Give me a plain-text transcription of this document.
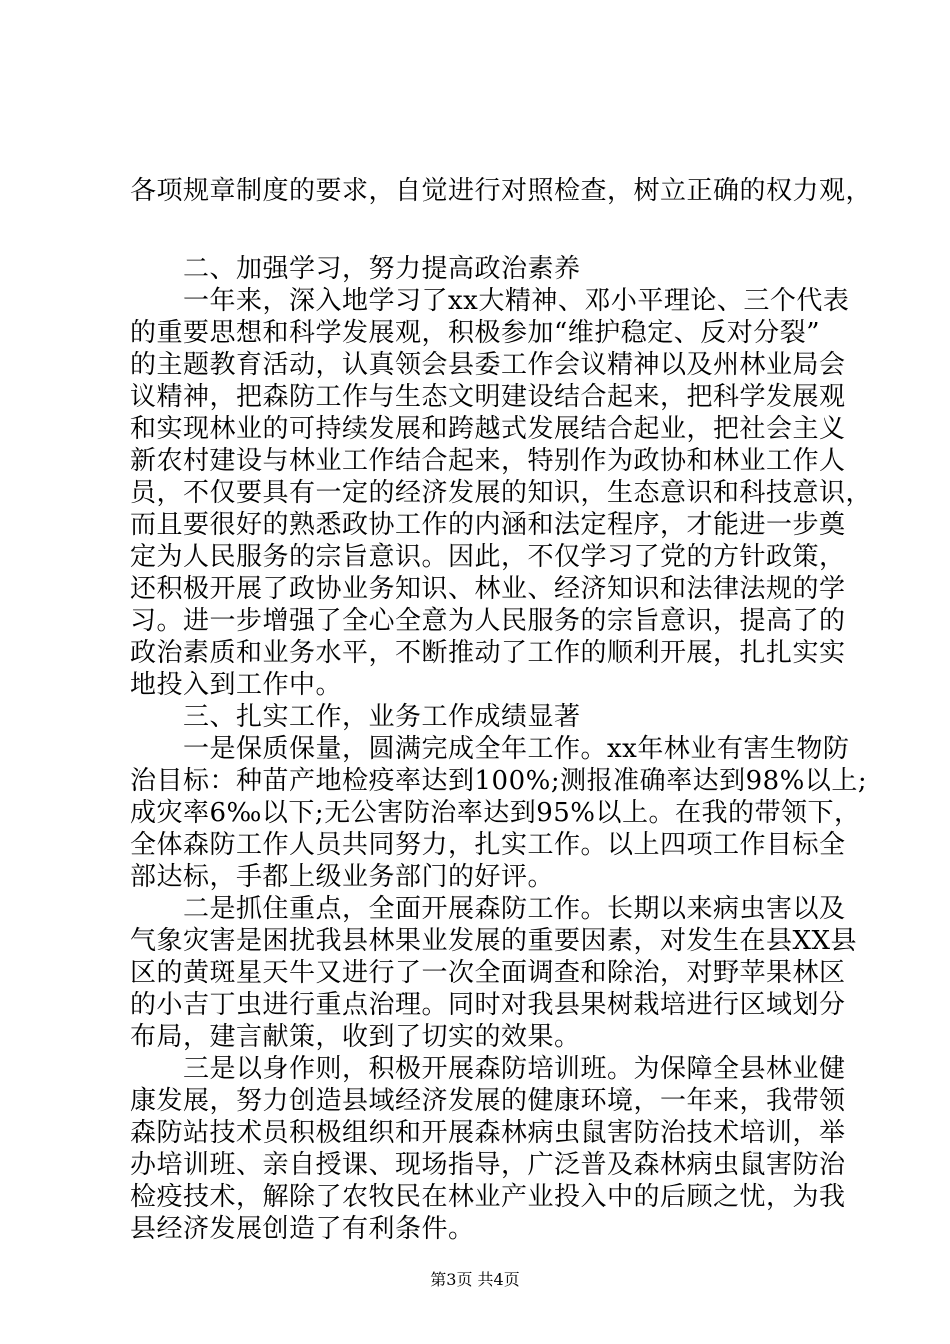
各项规章制度的要求，自觉进行对照检查，树立正确的权力观，
　　二、加强学习，努力提高政治素养
　　一年来，深入地学习了xx大精神、邓小平理论、三个代表
的重要思想和科学发展观，积极参加“维护稳定、反对分裂”
的主题教育活动，认真领会县委工作会议精神以及州林业局会
议精神，把森防工作与生态文明建设结合起来，把科学发展观
和实现林业的可持续发展和跨越式发展结合起业，把社会主义
新农村建设与林业工作结合起来，特别作为政协和林业工作人
员，不仅要具有一定的经济发展的知识，生态意识和科技意识，
而且要很好的熟悉政协工作的内涵和法定程序，才能进一步奠
定为人民服务的宗旨意识。因此，不仅学习了党的方针政策，
还积极开展了政协业务知识、林业、经济知识和法律法规的学
习。进一步增强了全心全意为人民服务的宗旨意识，提高了的
政治素质和业务水平，不断推动了工作的顺利开展，扎扎实实
地投入到工作中。
　　三、扎实工作，业务工作成绩显著
　　一是保质保量，圆满完成全年工作。xx年林业有害生物防
治目标：种苗产地检疫率达到100%;测报准确率达到98%以上;
成灾率6‰以下;无公害防治率达到95%以上。在我的带领下，
全体森防工作人员共同努力，扎实工作。以上四项工作目标全
部达标，手都上级业务部门的好评。
　　二是抓住重点，全面开展森防工作。长期以来病虫害以及
气象灾害是困扰我县林果业发展的重要因素，对发生在县XX县
区的黄斑星天牛又进行了一次全面调查和除治，对野苹果林区
的小吉丁虫进行重点治理。同时对我县果树栽培进行区域划分
布局，建言献策，收到了切实的效果。
　　三是以身作则，积极开展森防培训班。为保障全县林业健
康发展，努力创造县域经济发展的健康环境，一年来，我带领
森防站技术员积极组织和开展森林病虫鼠害防治技术培训，举
办培训班、亲自授课、现场指导，广泛普及森林病虫鼠害防治
检疫技术，解除了农牧民在林业产业投入中的后顾之忧，为我
县经济发展创造了有利条件。
第3页 共4页
